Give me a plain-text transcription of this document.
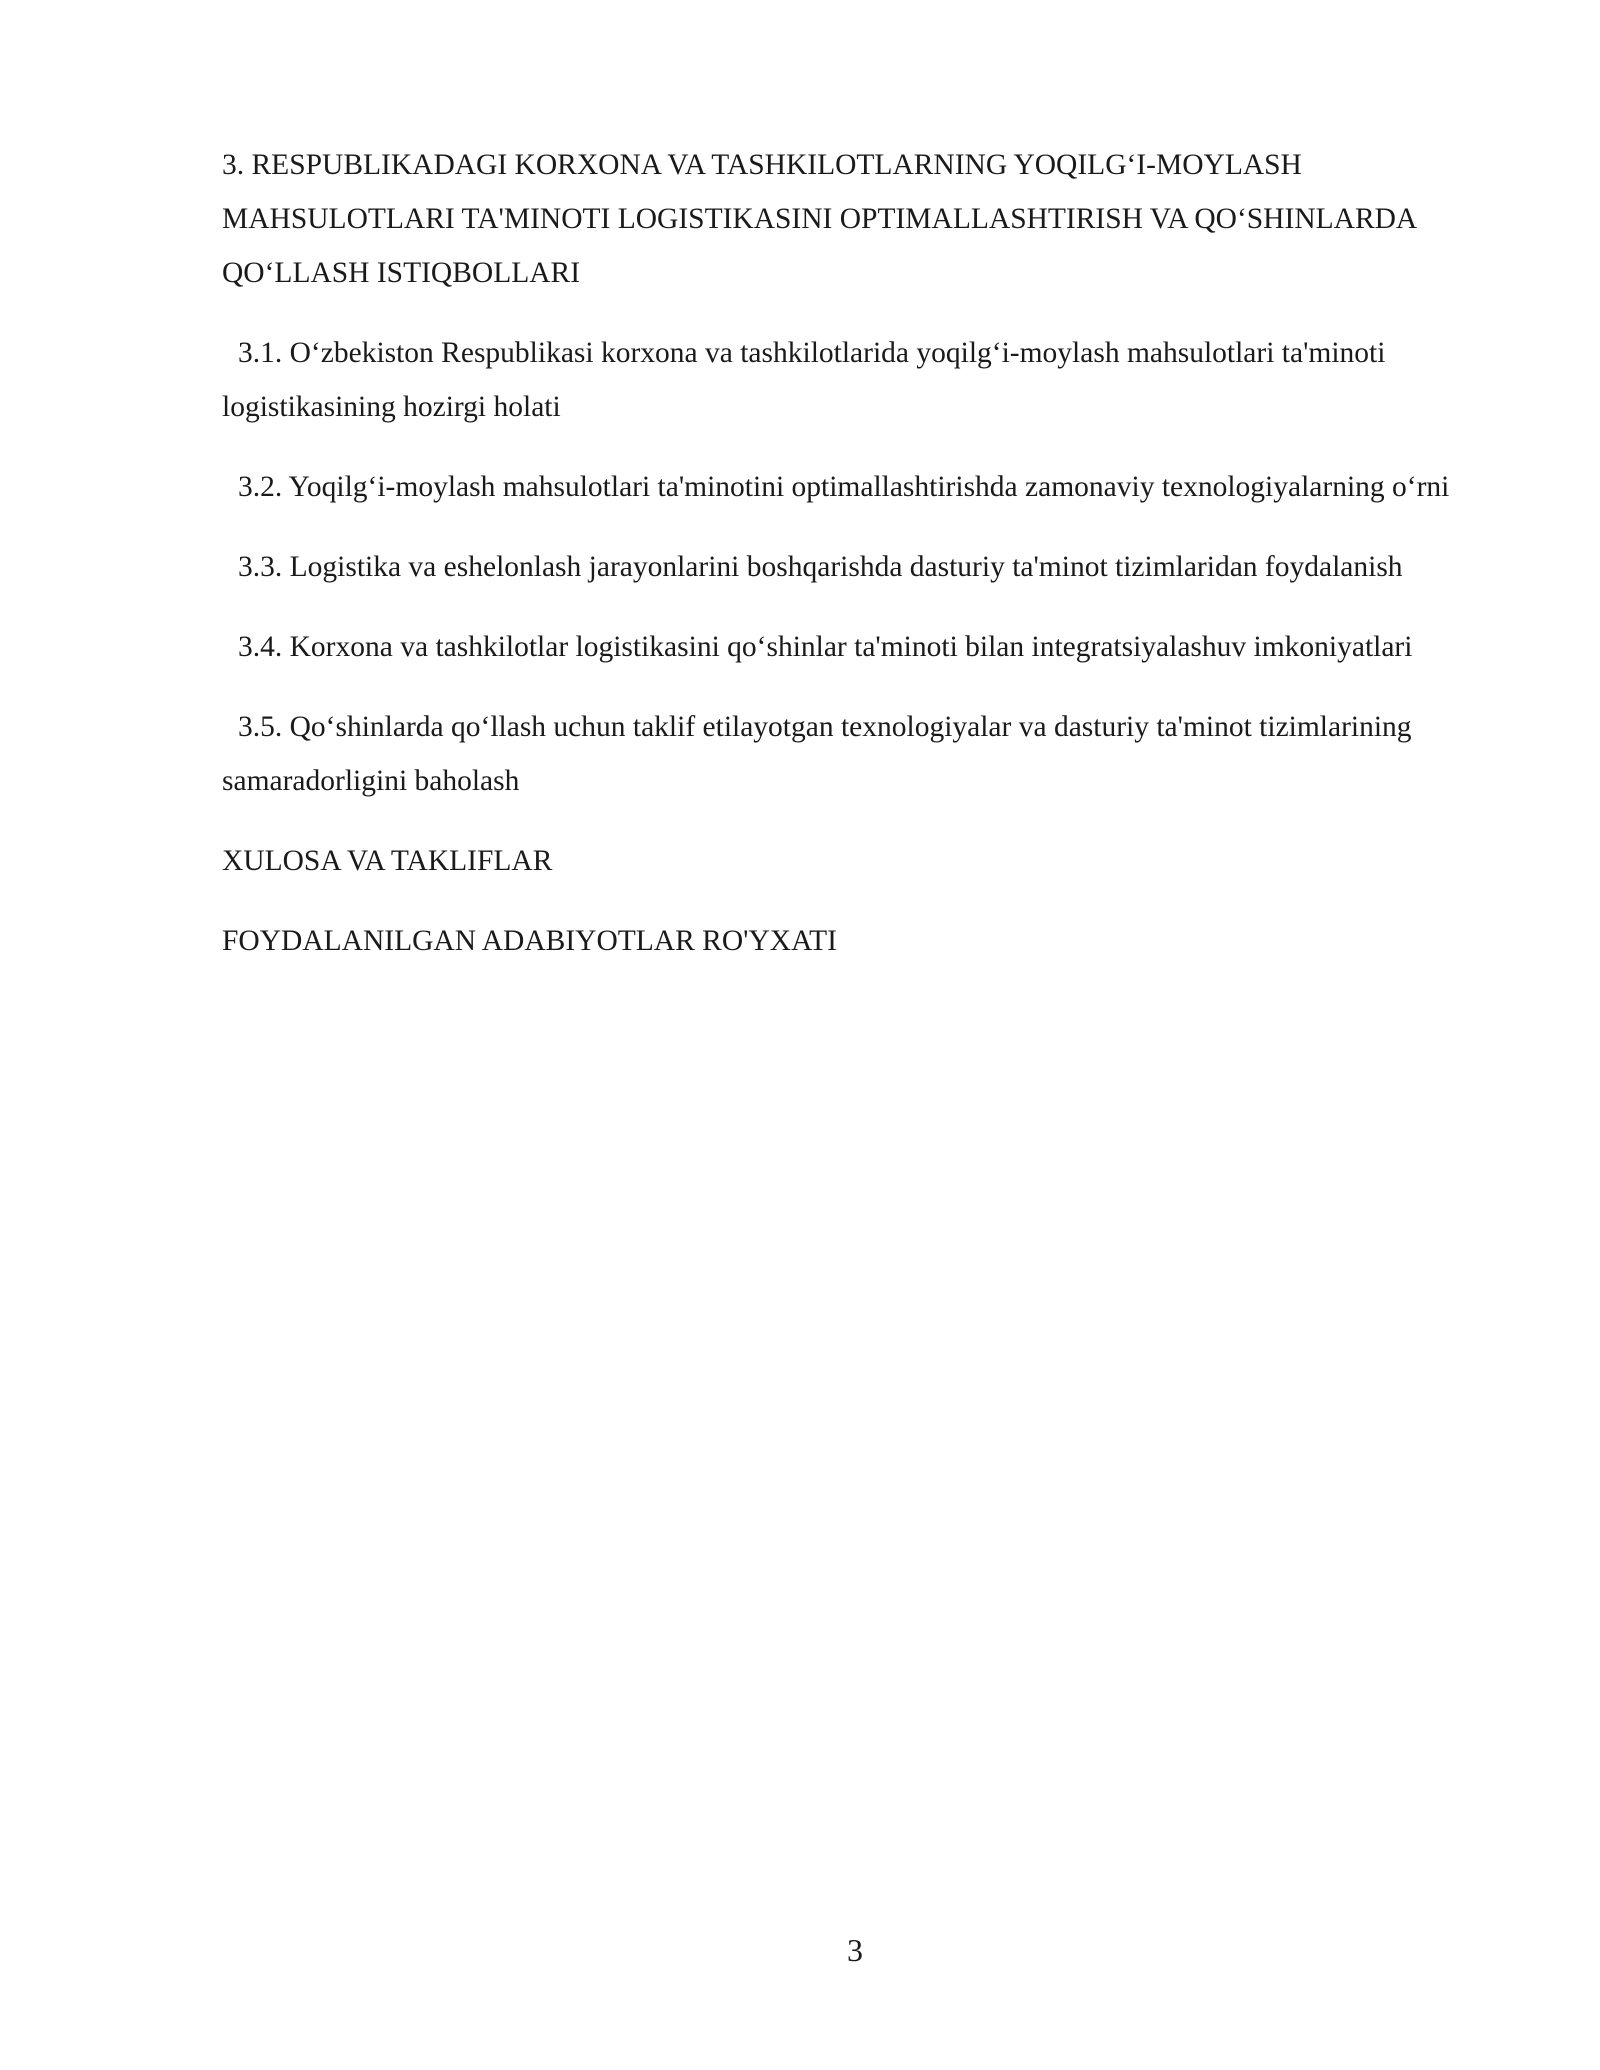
3. RESPUBLIKADAGI KORXONA VA TASHKILOTLARNING YOQILG‘I-MOYLASH MAHSULOTLARI TA'MINOTI LOGISTIKASINI OPTIMALLASHTIRISH VA QO‘SHINLARDA QO‘LLASH ISTIQBOLLARI

3.1. O‘zbekiston Respublikasi korxona va tashkilotlarida yoqilg‘i-moylash mahsulotlari ta'minoti logistikasining hozirgi holati

3.2. Yoqilg‘i-moylash mahsulotlari ta'minotini optimallashtirishda zamonaviy texnologiyalarning o‘rni

3.3. Logistika va eshelonlash jarayonlarini boshqarishda dasturiy ta'minot tizimlaridan foydalanish

3.4. Korxona va tashkilotlar logistikasini qo‘shinlar ta'minoti bilan integratsiyalashuv imkoniyatlari

3.5. Qo‘shinlarda qo‘llash uchun taklif etilayotgan texnologiyalar va dasturiy ta'minot tizimlarining samaradorligini baholash

XULOSA VA TAKLIFLAR

FOYDALANILGAN ADABIYOTLAR RO'YXATI

3
